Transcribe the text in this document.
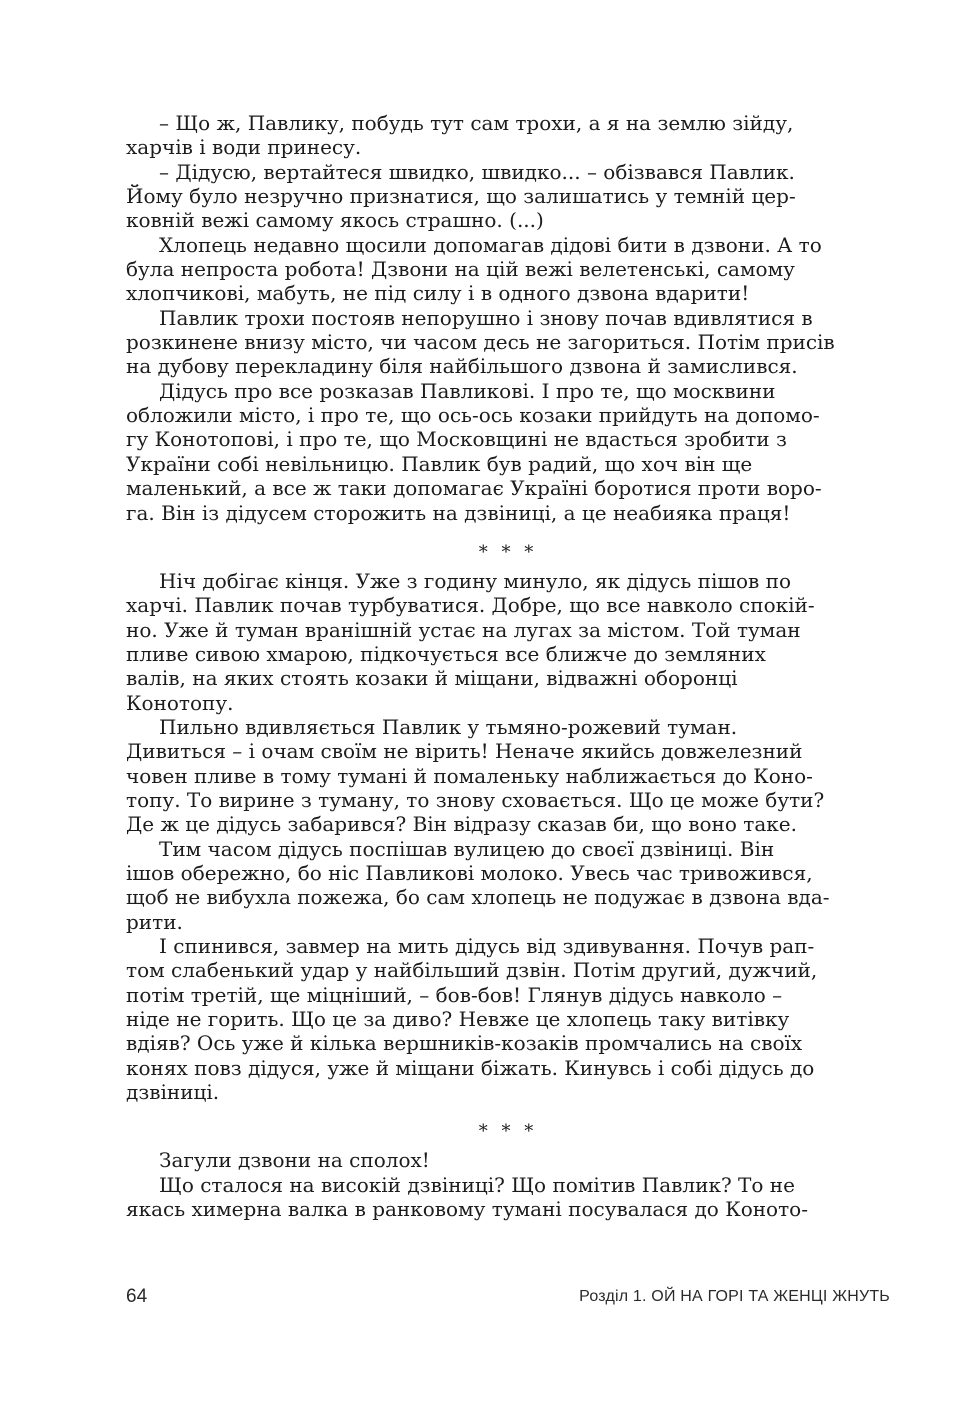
– Що ж, Павлику, побудь тут сам трохи, а я на землю зійду,
харчів і води принесу.

– Дідусю, вертайтеся швидко, швидко... – обізвався Павлик.
Йому було незручно признатися, що залишатись у темній цер-
ковній вежі самому якось страшно. (...)

Хлопець недавно щосили допомагав дідові бити в дзвони. А то
була непроста робота! Дзвони на цій вежі велетенські, самому
хлопчикові, мабуть, не під силу і в одного дзвона вдарити!

Павлик трохи постояв непорушно і знову почав вдивлятися в
розкинене внизу місто, чи часом десь не загориться. Потім присів
на дубову перекладину біля найбільшого дзвона й замислився.

Дідусь про все розказав Павликові. І про те, що москвини
обложили місто, і про те, що ось-ось козаки прийдуть на допомо-
гу Конотопові, і про те, що Московщині не вдасться зробити з
України собі невільницю. Павлик був радий, що хоч він ще
маленький, а все ж таки допомагає Україні боротися проти воро-
га. Він із дідусем сторожить на дзвіниці, а це неабияка праця!

* * *

Ніч добігає кінця. Уже з годину минуло, як дідусь пішов по
харчі. Павлик почав турбуватися. Добре, що все навколо спокій-
но. Уже й туман вранішній устає на лугах за містом. Той туман
пливе сивою хмарою, підкочується все ближче до земляних
валів, на яких стоять козаки й міщани, відважні оборонці
Конотопу.

Пильно вдивляється Павлик у тьмяно-рожевий туман.
Дивиться – і очам своїм не вірить! Неначе якийсь довжелезний
човен пливе в тому тумані й помаленьку наближається до Коно-
топу. То вирине з туману, то знову сховається. Що це може бути?
Де ж це дідусь забарився? Він відразу сказав би, що воно таке.

Тим часом дідусь поспішав вулицею до своєї дзвіниці. Він
ішов обережно, бо ніс Павликові молоко. Увесь час тривожився,
щоб не вибухла пожежа, бо сам хлопець не подужає в дзвона вда-
рити.

І спинився, завмер на мить дідусь від здивування. Почув рап-
том слабенький удар у найбільший дзвін. Потім другий, дужчий,
потім третій, ще міцніший, – бов-бов! Глянув дідусь навколо –
ніде не горить. Що це за диво? Невже це хлопець таку витівку
вдіяв? Ось уже й кілька вершників-козаків промчались на своїх
конях повз дідуся, уже й міщани біжать. Кинувсь і собі дідусь до
дзвіниці.

* * *

Загули дзвони на сполох!

Що сталося на високій дзвіниці? Що помітив Павлик? То не
якась химерна валка в ранковому тумані посувалася до Коното-

64	Розділ 1. ОЙ НА ГОРІ ТА ЖЕНЦІ ЖНУТЬ
